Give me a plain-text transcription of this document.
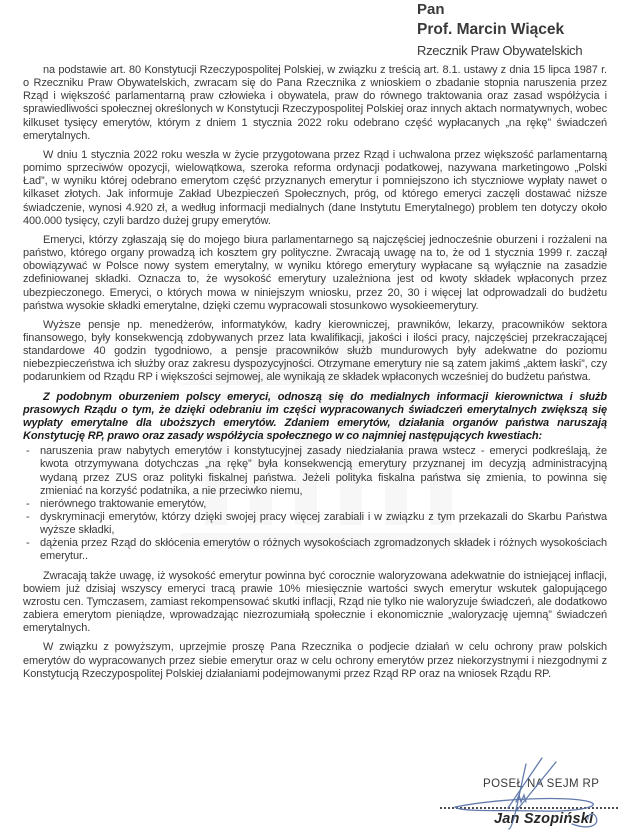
Pan
Prof. Marcin Wiącek
Rzecznik Praw Obywatelskich

na podstawie art. 80 Konstytucji Rzeczypospolitej Polskiej, w związku z treścią art. 8.1. ustawy z dnia 15 lipca 1987 r. o Rzeczniku Praw Obywatelskich, zwracam się do Pana Rzecznika z wnioskiem o zbadanie stopnia naruszenia przez Rząd i większość parlamentarną praw człowieka i obywatela, praw do równego traktowania oraz zasad współżycia i sprawiedliwości społecznej określonych w Konstytucji Rzeczypospolitej Polskiej oraz innych aktach normatywnych, wobec kilkuset tysięcy emerytów, którym z dniem 1 stycznia 2022 roku odebrano część wypłacanych „na rękę” świadczeń emerytalnych.

W dniu 1 stycznia 2022 roku weszła w życie przygotowana przez Rząd i uchwalona przez większość parlamentarną pomimo sprzeciwów opozycji, wielowątkowa, szeroka reforma ordynacji podatkowej, nazywana marketingowo „Polski Ład”, w wyniku której odebrano emerytom część przyznanych emerytur i pomniejszono ich styczniowe wypłaty nawet o kilkaset złotych. Jak informuje Zakład Ubezpieczeń Społecznych, próg, od którego emeryci zaczęli dostawać niższe świadczenie, wynosi 4.920 zł, a według informacji medialnych (dane Instytutu Emerytalnego) problem ten dotyczy około 400.000 tysięcy, czyli bardzo dużej grupy emerytów.

Emeryci, którzy zgłaszają się do mojego biura parlamentarnego są najczęściej jednocześnie oburzeni i rozżaleni na państwo, którego organy prowadzą ich kosztem gry polityczne. Zwracają uwagę na to, że od 1 stycznia 1999 r. zaczął obowiązywać w Polsce nowy system emerytalny, w wyniku którego emerytury wypłacane są wyłącznie na zasadzie zdefiniowanej składki. Oznacza to, że wysokość emerytury uzależniona jest od kwoty składek wpłaconych przez ubezpieczonego. Emeryci, o których mowa w niniejszym wniosku, przez 20, 30 i więcej lat odprowadzali do budżetu państwa wysokie składki emerytalne, dzięki czemu wypracowali stosunkowo wysokieemerytury.

Wyższe pensje np. menedżerów, informatyków, kadry kierowniczej, prawników, lekarzy, pracowników sektora finansowego, były konsekwencją zdobywanych przez lata kwalifikacji, jakości i ilości pracy, najczęściej przekraczającej standardowe 40 godzin tygodniowo, a pensje pracowników służb mundurowych były adekwatne do poziomu niebezpieczeństwa ich służby oraz zakresu dyspozycyjności. Otrzymane emerytury nie są zatem jakimś „aktem łaski”, czy podarunkiem od Rządu RP i większości sejmowej, ale wynikają ze składek wpłaconych wcześniej do budżetu państwa.

Z podobnym oburzeniem polscy emeryci, odnoszą się do medialnych informacji kierownictwa i służb prasowych Rządu o tym, że dzięki odebraniu im części wypracowanych świadczeń emerytalnych zwiększą się wypłaty emerytalne dla uboższych emerytów. Zdaniem emerytów, działania organów państwa naruszają Konstytucję RP, prawo oraz zasady współżycia społecznego w co najmniej następujących kwestiach:

- naruszenia praw nabytych emerytów i konstytucyjnej zasady niedziałania prawa wstecz - emeryci podkreślają, że kwota otrzymywana dotychczas „na rękę” była konsekwencją emerytury przyznanej im decyzją administracyjną wydaną przez ZUS oraz polityki fiskalnej państwa. Jeżeli polityka fiskalna państwa się zmienia, to powinna się zmieniać na korzyść podatnika, a nie przeciwko niemu,
- nierównego traktowanie emerytów,
- dyskryminacji emerytów, którzy dzięki swojej pracy więcej zarabiali i w związku z tym przekazali do Skarbu Państwa wyższe składki,
- dążenia przez Rząd do skłócenia emerytów o różnych wysokościach zgromadzonych składek i różnych wysokościach emerytur..

Zwracają także uwagę, iż wysokość emerytur powinna być corocznie waloryzowana adekwatnie do istniejącej inflacji, bowiem już dzisiaj wszyscy emeryci tracą prawie 10% miesięcznie wartości swych emerytur wskutek galopującego wzrostu cen. Tymczasem, zamiast rekompensować skutki inflacji, Rząd nie tylko nie waloryzuje świadczeń, ale dodatkowo zabiera emerytom pieniądze, wprowadzając niezrozumiałą społecznie i ekonomicznie „waloryzację ujemną” świadczeń emerytalnych.

W związku z powyższym, uprzejmie proszę Pana Rzecznika o podjecie działań w celu ochrony praw polskich emerytów do wypracowanych przez siebie emerytur oraz w celu ochrony emerytów przez niekorzystnymi i niezgodnymi z Konstytucją Rzeczypospolitej Polskiej działaniami podejmowanymi przez Rząd RP oraz na wniosek Rządu RP.

POSEŁ NA SEJM RP
Jan Szopiński
